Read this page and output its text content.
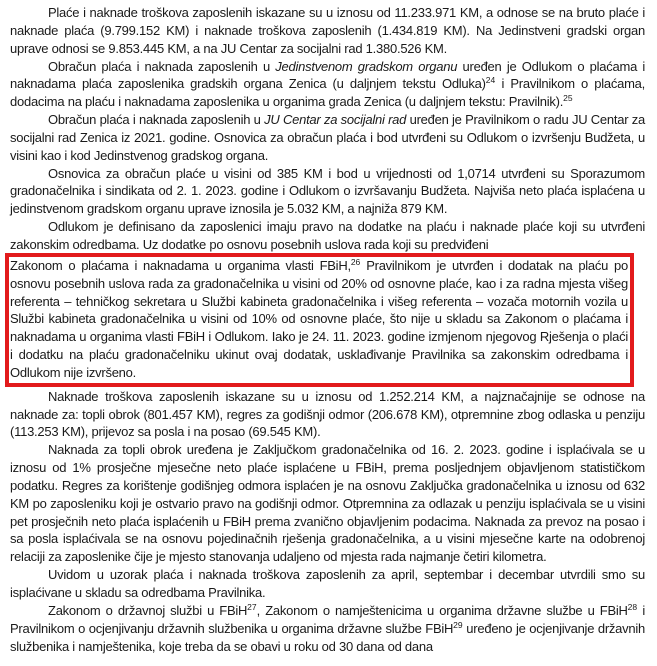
Plaće i naknade troškova zaposlenih iskazane su u iznosu od 11.233.971 KM, a odnose se na bruto plaće i naknade plaća (9.799.152 KM) i naknade troškova zaposlenih (1.434.819 KM). Na Jedinstveni gradski organ uprave odnosi se 9.853.445 KM, a na JU Centar za socijalni rad 1.380.526 KM.

Obračun plaća i naknada zaposlenih u Jedinstvenom gradskom organu uređen je Odlukom o plaćama i naknadama plaća zaposlenika gradskih organa Zenica (u daljnjem tekstu Odluka)$^{24}$ i Pravilnikom o plaćama, dodacima na plaću i naknadama zaposlenika u organima grada Zenica (u daljnjem tekstu: Pravilnik).$^{25}$

Obračun plaća i naknada zaposlenih u JU Centar za socijalni rad uređen je Pravilnikom o radu JU Centar za socijalni rad Zenica iz 2021. godine. Osnovica za obračun plaća i bod utvrđeni su Odlukom o izvršenju Budžeta, u visini kao i kod Jedinstvenog gradskog organa.

Osnovica za obračun plaće u visini od 385 KM i bod u vrijednosti od 1,0714 utvrđeni su Sporazumom gradonačelnika i sindikata od 2. 1. 2023. godine i Odlukom o izvršavanju Budžeta. Najviša neto plaća isplaćena u jedinstvenom gradskom organu uprave iznosila je 5.032 KM, a najniža 879 KM.

Odlukom je definisano da zaposlenici imaju pravo na dodatke na plaću i naknade plaće koji su utvrđeni zakonskim odredbama. Uz dodatke po osnovu posebnih uslova rada koji su predviđeni

Zakonom o plaćama i naknadama u organima vlasti FBiH,$^{26}$ Pravilnikom je utvrđen i dodatak na plaću po osnovu posebnih uslova rada za gradonačelnika u visini od 20% od osnovne plaće, kao i za radna mjesta višeg referenta – tehničkog sekretara u Službi kabineta gradonačelnika i višeg referenta – vozača motornih vozila u Službi kabineta gradonačelnika u visini od 10% od osnovne plaće, što nije u skladu sa Zakonom o plaćama i naknadama u organima vlasti FBiH i Odlukom. Iako je 24. 11. 2023. godine izmjenom njegovog Rješenja o plaći i dodatku na plaću gradonačelniku ukinut ovaj dodatak, usklađivanje Pravilnika sa zakonskim odredbama i Odlukom nije izvršeno.

Naknade troškova zaposlenih iskazane su u iznosu od 1.252.214 KM, a najznačajnije se odnose na naknade za: topli obrok (801.457 KM), regres za godišnji odmor (206.678 KM), otpremnine zbog odlaska u penziju (113.253 KM), prijevoz sa posla i na posao (69.545 KM).

Naknada za topli obrok uređena je Zaključkom gradonačelnika od 16. 2. 2023. godine i isplaćivala se u iznosu od 1% prosječne mjesečne neto plaće isplaćene u FBiH, prema posljednjem objavljenom statističkom podatku. Regres za korištenje godišnjeg odmora isplaćen je na osnovu Zaključka gradonačelnika u iznosu od 632 KM po zaposleniku koji je ostvario pravo na godišnji odmor. Otpremnina za odlazak u penziju isplaćivala se u visini pet prosječnih neto plaća isplaćenih u FBiH prema zvanično objavljenim podacima. Naknada za prevoz na posao i sa posla isplaćivala se na osnovu pojedinačnih rješenja gradonačelnika, a u visini mjesečne karte na odobrenoj relaciji za zaposlenike čije je mjesto stanovanja udaljeno od mjesta rada najmanje četiri kilometra.

Uvidom u uzorak plaća i naknada troškova zaposlenih za april, septembar i decembar utvrdili smo su isplaćivane u skladu sa odredbama Pravilnika.

Zakonom o državnoj službi u FBiH$^{27}$, Zakonom o namještenicima u organima državne službe u FBiH$^{28}$ i Pravilnikom o ocjenjivanju državnih službenika u organima državne službe FBiH$^{29}$ uređeno je ocjenjivanje državnih službenika i namještenika, koje treba da se obavi u roku od 30 dana od dana
